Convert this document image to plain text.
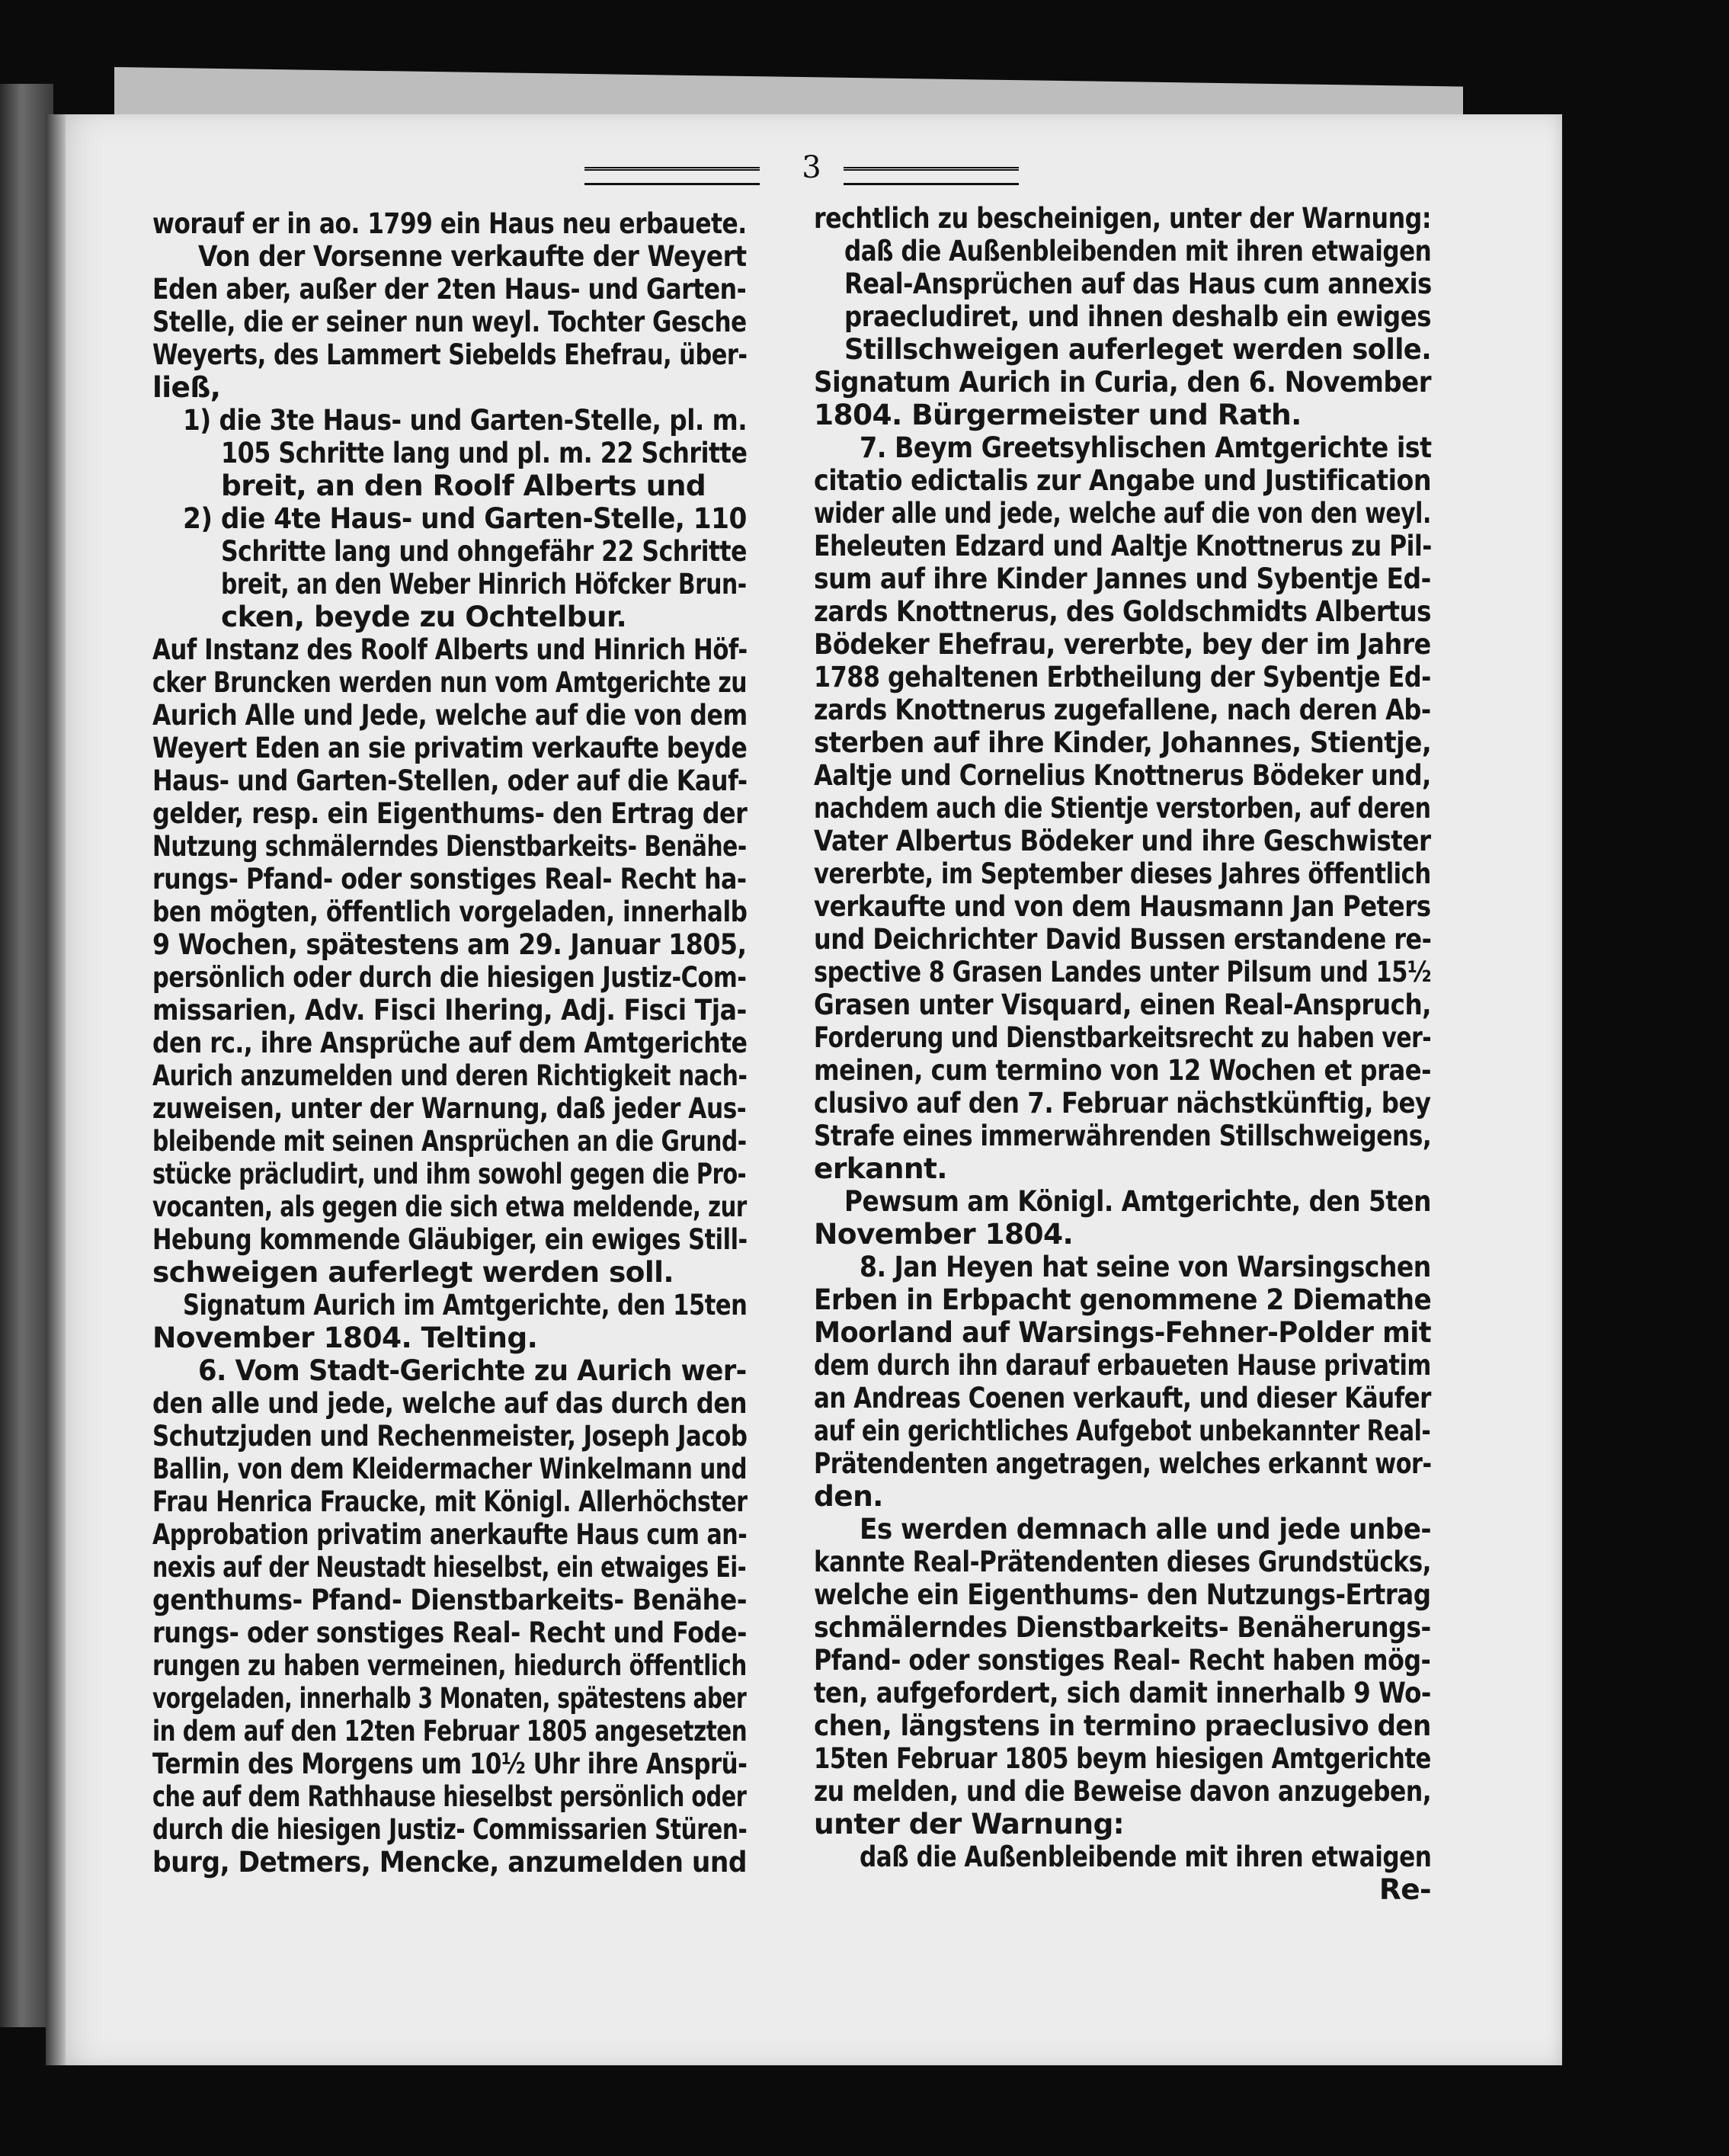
3
worauf er in ao. 1799 ein Haus neu erbauete.
Von der Vorsenne verkaufte der Weyert
Eden aber, außer der 2ten Haus- und Garten-
Stelle, die er seiner nun weyl. Tochter Gesche
Weyerts, des Lammert Siebelds Ehefrau, über-
ließ,
1) die 3te Haus- und Garten-Stelle, pl. m.
105 Schritte lang und pl. m. 22 Schritte
breit, an den Roolf Alberts und
2) die 4te Haus- und Garten-Stelle, 110
Schritte lang und ohngefähr 22 Schritte
breit, an den Weber Hinrich Höfcker Brun-
cken, beyde zu Ochtelbur.
Auf Instanz des Roolf Alberts und Hinrich Höf-
cker Bruncken werden nun vom Amtgerichte zu
Aurich Alle und Jede, welche auf die von dem
Weyert Eden an sie privatim verkaufte beyde
Haus- und Garten-Stellen, oder auf die Kauf-
gelder, resp. ein Eigenthums- den Ertrag der
Nutzung schmälerndes Dienstbarkeits- Benähe-
rungs- Pfand- oder sonstiges Real- Recht ha-
ben mögten, öffentlich vorgeladen, innerhalb
9 Wochen, spätestens am 29. Januar 1805,
persönlich oder durch die hiesigen Justiz-Com-
missarien, Adv. Fisci Ihering, Adj. Fisci Tja-
den rc., ihre Ansprüche auf dem Amtgerichte
Aurich anzumelden und deren Richtigkeit nach-
zuweisen, unter der Warnung, daß jeder Aus-
bleibende mit seinen Ansprüchen an die Grund-
stücke präcludirt, und ihm sowohl gegen die Pro-
vocanten, als gegen die sich etwa meldende, zur
Hebung kommende Gläubiger, ein ewiges Still-
schweigen auferlegt werden soll.
Signatum Aurich im Amtgerichte, den 15ten
November 1804. Telting.
6. Vom Stadt-Gerichte zu Aurich wer-
den alle und jede, welche auf das durch den
Schutzjuden und Rechenmeister, Joseph Jacob
Ballin, von dem Kleidermacher Winkelmann und
Frau Henrica Fraucke, mit Königl. Allerhöchster
Approbation privatim anerkaufte Haus cum an-
nexis auf der Neustadt hieselbst, ein etwaiges Ei-
genthums- Pfand- Dienstbarkeits- Benähe-
rungs- oder sonstiges Real- Recht und Fode-
rungen zu haben vermeinen, hiedurch öffentlich
vorgeladen, innerhalb 3 Monaten, spätestens aber
in dem auf den 12ten Februar 1805 angesetzten
Termin des Morgens um 10½ Uhr ihre Ansprü-
che auf dem Rathhause hieselbst persönlich oder
durch die hiesigen Justiz- Commissarien Stüren-
burg, Detmers, Mencke, anzumelden und
rechtlich zu bescheinigen, unter der Warnung:
daß die Außenbleibenden mit ihren etwaigen
Real-Ansprüchen auf das Haus cum annexis
praecludiret, und ihnen deshalb ein ewiges
Stillschweigen auferleget werden solle.
Signatum Aurich in Curia, den 6. November
1804. Bürgermeister und Rath.
7. Beym Greetsyhlischen Amtgerichte ist
citatio edictalis zur Angabe und Justification
wider alle und jede, welche auf die von den weyl.
Eheleuten Edzard und Aaltje Knottnerus zu Pil-
sum auf ihre Kinder Jannes und Sybentje Ed-
zards Knottnerus, des Goldschmidts Albertus
Bödeker Ehefrau, vererbte, bey der im Jahre
1788 gehaltenen Erbtheilung der Sybentje Ed-
zards Knottnerus zugefallene, nach deren Ab-
sterben auf ihre Kinder, Johannes, Stientje,
Aaltje und Cornelius Knottnerus Bödeker und,
nachdem auch die Stientje verstorben, auf deren
Vater Albertus Bödeker und ihre Geschwister
vererbte, im September dieses Jahres öffentlich
verkaufte und von dem Hausmann Jan Peters
und Deichrichter David Bussen erstandene re-
spective 8 Grasen Landes unter Pilsum und 15½
Grasen unter Visquard, einen Real-Anspruch,
Forderung und Dienstbarkeitsrecht zu haben ver-
meinen, cum termino von 12 Wochen et prae-
clusivo auf den 7. Februar nächstkünftig, bey
Strafe eines immerwährenden Stillschweigens,
erkannt.
Pewsum am Königl. Amtgerichte, den 5ten
November 1804.
8. Jan Heyen hat seine von Warsingschen
Erben in Erbpacht genommene 2 Diemathe
Moorland auf Warsings-Fehner-Polder mit
dem durch ihn darauf erbaueten Hause privatim
an Andreas Coenen verkauft, und dieser Käufer
auf ein gerichtliches Aufgebot unbekannter Real-
Prätendenten angetragen, welches erkannt wor-
den.
Es werden demnach alle und jede unbe-
kannte Real-Prätendenten dieses Grundstücks,
welche ein Eigenthums- den Nutzungs-Ertrag
schmälerndes Dienstbarkeits- Benäherungs-
Pfand- oder sonstiges Real- Recht haben mög-
ten, aufgefordert, sich damit innerhalb 9 Wo-
chen, längstens in termino praeclusivo den
15ten Februar 1805 beym hiesigen Amtgerichte
zu melden, und die Beweise davon anzugeben,
unter der Warnung:
daß die Außenbleibende mit ihren etwaigen
Re-
